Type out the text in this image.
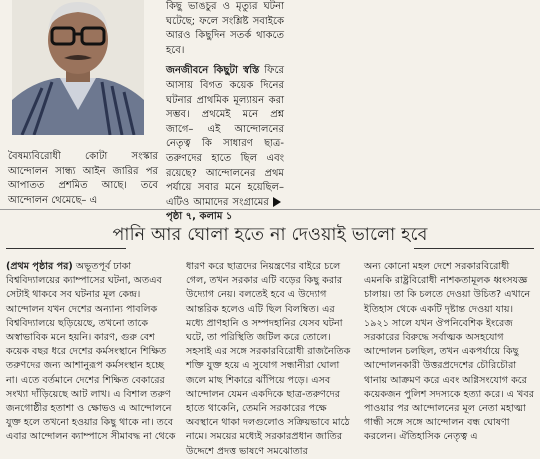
কিছু ভাঙচুর ও মৃত্যুর ঘটনা ঘটেছে; ফলে সংশ্লিষ্ট সবাইকে আরও কিছুদিন সতর্ক থাকতে হবে।
জনজীবনে কিছুটা স্বস্তি ফিরে আসায় বিগত কয়েক দিনের ঘটনার প্রাথমিক মূল্যায়ন করা সম্ভব। প্রথমেই মনে প্রশ্ন জাগে– এই আন্দোলনের নেতৃত্ব কি সাধারণ ছাত্র-তরুণদের হাতে ছিল এবং রয়েছে? আন্দোলনের প্রথম পর্যায়ে সবার মনে হয়েছিল– এটিও আমাদের সংগ্রামের পৃষ্ঠা ৭, কলাম ১
বৈষম্যবিরোধী কোটা সংস্কার আন্দোলন সান্ধ্য আইন জারির পর আপাতত প্রশমিত আছে। তবে আন্দোলন থেমেছে– এ
পানি আর ঘোলা হতে না দেওয়াই ভালো হবে
(প্রথম পৃষ্ঠার পর) অভূতপূর্ব ঢাকা বিশ্ববিদ্যালয়ের ক্যাম্পাসের ঘটনা, অতএব সেটাই থাকবে সব ঘটনার মূল কেন্দ্র। আন্দোলন যখন দেশের অন্যান্য পাবলিক বিশ্ববিদ্যালয়ে ছড়িয়েছে, তখনো তাকে অস্বাভাবিক মনে হয়নি। কারণ, গুরু বেশ কয়েক বছর ধরে দেশের কর্মসংস্থানে শিক্ষিত তরুণদের জন্য আশানুরূপ কর্মসংস্থান হচ্ছে না। এতে বর্তমানে দেশের শিক্ষিত বেকারের সংখ্যা দাঁড়িয়েছে আট লাখ। এ বিশাল তরুণ জনগোষ্ঠীর হতাশা ও ক্ষোভও এ আন্দোলনে যুক্ত হলে তখনো হওয়ার কিছু থাকে না। তবে এবার আন্দোলন ক্যাম্পাসে সীমাবদ্ধ না থেকে
ধারণ করে ছাত্রদের নিয়ন্ত্রণের বাইরে চলে গেল, তখন সরকার এটি বড়ের কিছু করার উদ্যোগ নেয়। বলতেই হবে এ উদ্যোগ আন্তরিক হলেও এটি ছিল বিলম্বিত। এর মধ্যে প্রাণহানি ও সম্পদহানির যেসব ঘটনা ঘটে, তা পরিস্থিতি জটিল করে তোলে। সহসাই এর সঙ্গে সরকারবিরোধী রাজনৈতিক শক্তি যুক্ত হয়ে এ সুযোগ সন্ধানীরা ঘোলা জলে মাছ শিকারে ঝাঁপিয়ে পড়ে। এসব আন্দোলন যেমন একদিকে ছাত্র-তরুণদের হাতে থাকেনি, তেমনি সরকারের পক্ষে অবস্থানে থাকা দলগুলোও সক্রিয়ভাবে মাঠে নামে। সময়ের মধ্যেই সরকারপ্রধান জাতির উদ্দেশে প্রদত্ত ভাষণে সমঝোতার
অন্য কোনো মহল দেশে সরকারবিরোধী এমনকি রাষ্ট্রবিরোধী নাশকতামূলক ধ্বংসযজ্ঞ চালায়। তা কি চলতে দেওয়া উচিত? এখানে ইতিহাস থেকে একটি দৃষ্টান্ত দেওয়া যায়। ১৯২১ সালে যখন ঔপনিবেশিক ইংরেজ সরকারের বিরুদ্ধে সর্বাত্মক অসহযোগ আন্দোলন চলছিল, তখন একপর্যায়ে কিছু আন্দোলনকারী উত্তরপ্রদেশের চৌরিচৌরা থানায় আক্রমণ করে এবং অগ্নিসংযোগ করে কয়েকজন পুলিশ সদস্যকে হত্যা করে। এ খবর পাওয়ার পর আন্দোলনের মূল নেতা মহাত্মা গান্ধী সঙ্গে সঙ্গে আন্দোলন বন্ধ ঘোষণা করলেন। ঐতিহাসিক নেতৃত্ব এ
